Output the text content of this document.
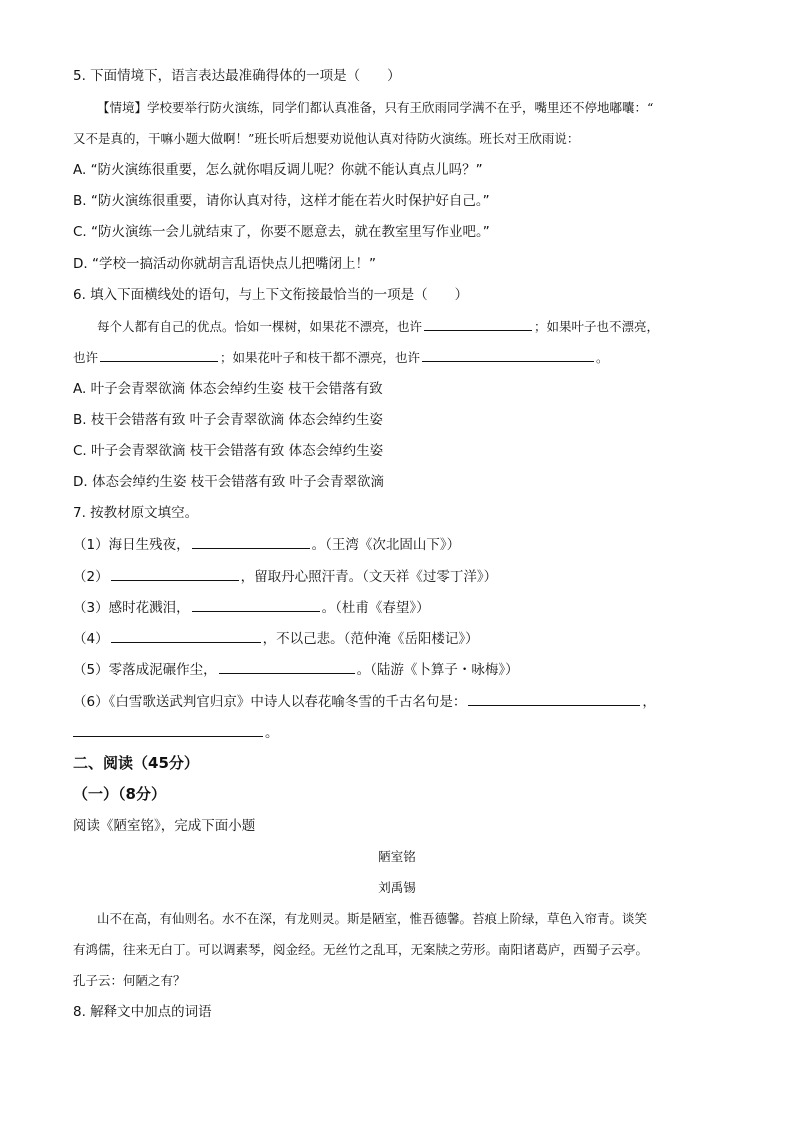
5. 下面情境下，语言表达最准确得体的一项是（　　）
【情境】学校要举行防火演练，同学们都认真准备，只有王欣雨同学满不在乎，嘴里还不停地嘟囔：“
又不是真的，干嘛小题大做啊！”班长听后想要劝说他认真对待防火演练。班长对王欣雨说：
A. “防火演练很重要，怎么就你唱反调儿呢？你就不能认真点儿吗？”
B. “防火演练很重要，请你认真对待，这样才能在若火时保护好自己。”
C. “防火演练一会儿就结束了，你要不愿意去，就在教室里写作业吧。”
D. “学校一搞活动你就胡言乱语快点儿把嘴闭上！”
6. 填入下面横线处的语句，与上下文衔接最恰当的一项是（　　）
每个人都有自己的优点。恰如一棵树，如果花不漂亮，也许	；如果叶子也不漂亮，
也许	；如果花叶子和枝干都不漂亮，也许	。
A. 叶子会青翠欲滴 体态会绰约生姿 枝干会错落有致
B. 枝干会错落有致 叶子会青翠欲滴 体态会绰约生姿
C. 叶子会青翠欲滴 枝干会错落有致 体态会绰约生姿
D. 体态会绰约生姿 枝干会错落有致 叶子会青翠欲滴
7. 按教材原文填空。
（1）海日生残夜，	。（王湾《次北固山下》）
（2）	，留取丹心照汗青。（文天祥《过零丁洋》）
（3）感时花溅泪，	。（杜甫《春望》）
（4）	，不以己悲。（范仲淹《岳阳楼记》）
（5）零落成泥碾作尘，	。（陆游《卜算子・咏梅》）
（6）《白雪歌送武判官归京》中诗人以春花喻冬雪的千古名句是：	，
。
二、阅读（45分）
（一）（8分）
阅读《陋室铭》，完成下面小题
陋室铭
刘禹锡
山不在高，有仙则名。水不在深，有龙则灵。斯是陋室，惟吾德馨。苔痕上阶绿，草色入帘青。谈笑
有鸿儒，往来无白丁。可以调素琴，阅金经。无丝竹之乱耳，无案牍之劳形。南阳诸葛庐，西蜀子云亭。
孔子云：何陋之有？
8. 解释文中加点的词语
